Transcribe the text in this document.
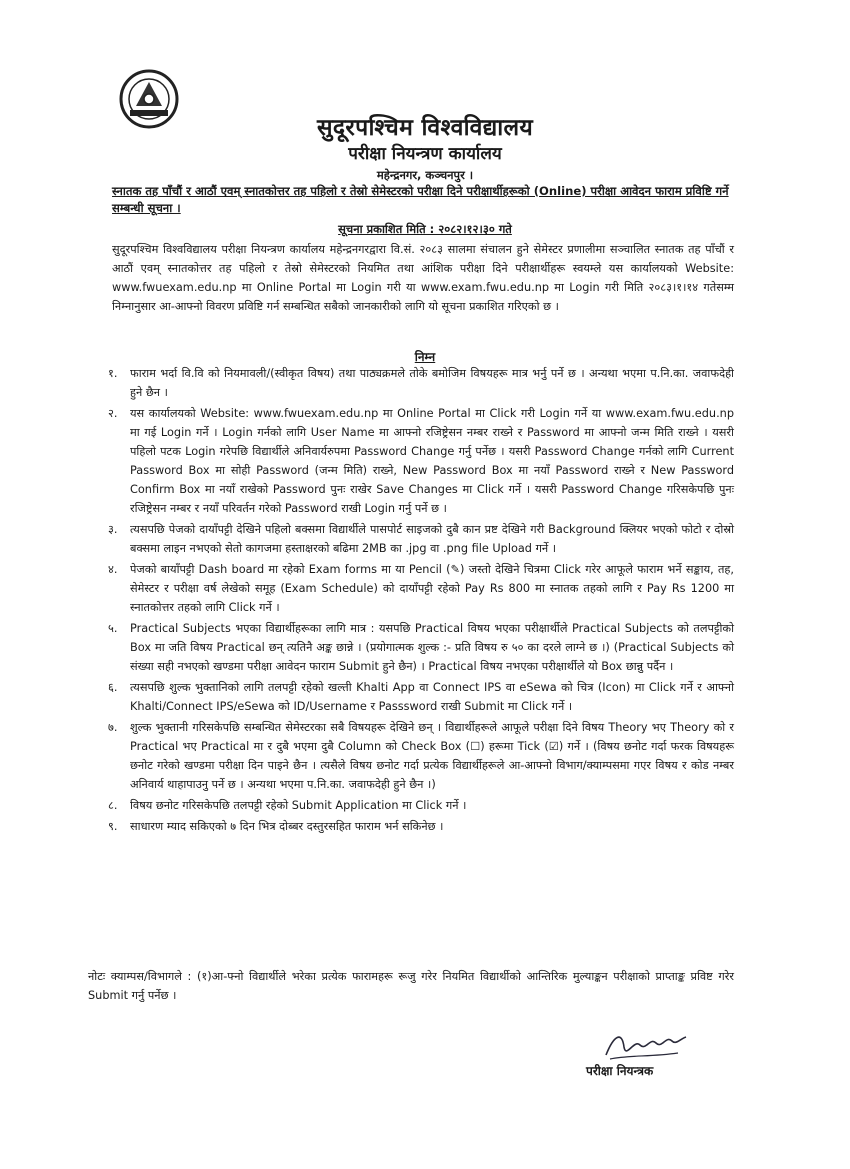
सुदूरपश्चिम विश्वविद्यालय
परीक्षा नियन्त्रण कार्यालय
महेन्द्रनगर, कञ्चनपुर ।
स्नातक तह पाँचौं र आठौं एवम् स्नातकोत्तर तह पहिलो र तेस्रो सेमेस्टरको परीक्षा दिने परीक्षार्थीहरूको (Online) परीक्षा आवेदन फाराम प्रविष्टि गर्ने सम्बन्धी सूचना ।
सूचना प्रकाशित मिति : २०८२।१२।३० गते
सुदूरपश्चिम विश्वविद्यालय परीक्षा नियन्त्रण कार्यालय महेन्द्रनगरद्वारा वि.सं. २०८३ सालमा संचालन हुने सेमेस्टर प्रणालीमा सञ्चालित स्नातक तह पाँचौं र आठौं एवम् स्नातकोत्तर तह पहिलो र तेस्रो सेमेस्टरको नियमित तथा आंशिक परीक्षा दिने परीक्षार्थीहरू स्वयम्ले यस कार्यालयको Website: www.fwuexam.edu.np मा Online Portal मा Login गरी या www.exam.fwu.edu.np मा Login गरी मिति २०८३।१।१४ गतेसम्म निम्नानुसार आ-आफ्नो विवरण प्रविष्टि गर्न सम्बन्धित सबैको जानकारीको लागि यो सूचना प्रकाशित गरिएको छ ।
निम्न
१. फाराम भर्दा वि.वि को नियमावली/(स्वीकृत विषय) तथा पाठ्यक्रमले तोके बमोजिम विषयहरू मात्र भर्नु पर्ने छ । अन्यथा भएमा प.नि.का. जवाफदेही हुने छैन ।
२. यस कार्यालयको Website: www.fwuexam.edu.np मा Online Portal मा Click गरी Login गर्ने या www.exam.fwu.edu.np मा गई Login गर्ने । Login गर्नको लागि User Name मा आफ्नो रजिष्ट्रेसन नम्बर राख्ने र Password मा आफ्नो जन्म मिति राख्ने । यसरी पहिलो पटक Login गरेपछि विद्यार्थीले अनिवार्यरुपमा Password Change गर्नु पर्नेछ । यसरी Password Change गर्नको लागि Current Password Box मा सोही Password (जन्म मिति) राख्ने, New Password Box मा नयाँ Password राख्ने र New Password Confirm Box मा नयाँ राखेको Password पुनः राखेर Save Changes मा Click गर्ने । यसरी Password Change गरिसकेपछि पुनः रजिष्ट्रेसन नम्बर र नयाँ परिवर्तन गरेको Password राखी Login गर्नु पर्ने छ ।
३. त्यसपछि पेजको दायाँपट्टी देखिने पहिलो बक्समा विद्यार्थीले पासपोर्ट साइजको दुबै कान प्रष्ट देखिने गरी Background क्लियर भएको फोटो र दोस्रो बक्समा लाइन नभएको सेतो कागजमा हस्ताक्षरको बढिमा 2MB का .jpg वा .png file Upload गर्ने ।
४. पेजको बायाँपट्टी Dash board मा रहेको Exam forms मा या Pencil (✎) जस्तो देखिने चित्रमा Click गरेर आफूले फाराम भर्ने सङ्काय, तह, सेमेस्टर र परीक्षा वर्ष लेखेको समूह (Exam Schedule) को दायाँपट्टी रहेको Pay Rs 800 मा स्नातक तहको लागि र Pay Rs 1200 मा स्नातकोत्तर तहको लागि Click गर्ने ।
५. Practical Subjects भएका विद्यार्थीहरूका लागि मात्र : यसपछि Practical विषय भएका परीक्षार्थीले Practical Subjects को तलपट्टीको Box मा जति विषय Practical छन् त्यतिनै अङ्क छान्ने । (प्रयोगात्मक शुल्क :- प्रति विषय रु ५० का दरले लाग्ने छ ।) (Practical Subjects को संख्या सही नभएको खण्डमा परीक्षा आवेदन फाराम Submit हुने छैन) । Practical विषय नभएका परीक्षार्थीले यो Box छान्नु पर्दैन ।
६. त्यसपछि शुल्क भुक्तानिको लागि तलपट्टी रहेको खल्ती Khalti App वा Connect IPS वा eSewa को चित्र (Icon) मा Click गर्ने र आफ्नो Khalti/Connect IPS/eSewa को ID/Username र Passsword राखी Submit मा Click गर्ने ।
७. शुल्क भुक्तानी गरिसकेपछि सम्बन्धित सेमेस्टरका सबै विषयहरू देखिने छन् । विद्यार्थीहरूले आफूले परीक्षा दिने विषय Theory भए Theory को र Practical भए Practical मा र दुबै भएमा दुबै Column को Check Box (☐) हरूमा Tick (☑) गर्ने । (विषय छनोट गर्दा फरक विषयहरू छनोट गरेको खण्डमा परीक्षा दिन पाइने छैन । त्यसैले विषय छनोट गर्दा प्रत्येक विद्यार्थीहरूले आ-आफ्नो विभाग/क्याम्पसमा गएर विषय र कोड नम्बर अनिवार्य थाहापाउनु पर्ने छ । अन्यथा भएमा प.नि.का. जवाफदेही हुने छैन ।)
८. विषय छनोट गरिसकेपछि तलपट्टी रहेको Submit Application मा Click गर्ने ।
९. साधारण म्याद सकिएको ७ दिन भित्र दोब्बर दस्तुरसहित फाराम भर्न सकिनेछ ।
नोटः क्याम्पस/विभागले : (१)आ-फ्नो विद्यार्थीले भरेका प्रत्येक फारामहरू रूजु गरेर नियमित विद्यार्थीको आन्तिरिक मुल्याङ्कन परीक्षाको प्राप्ताङ्क प्रविष्ट गरेर Submit गर्नु पर्नेछ ।
परीक्षा नियन्त्रक
